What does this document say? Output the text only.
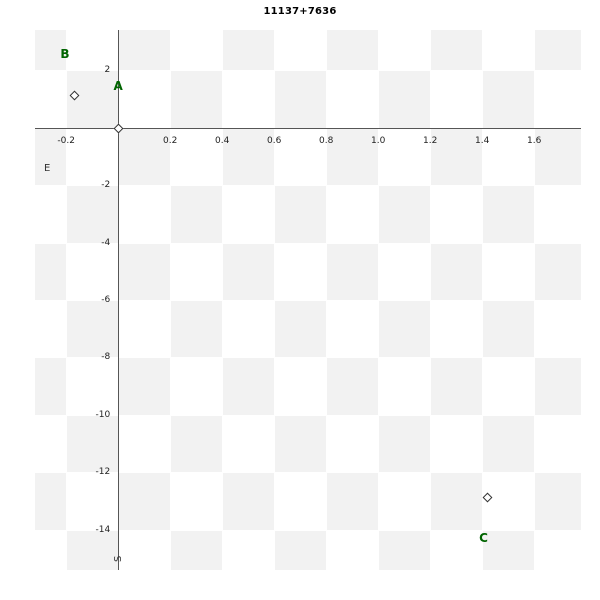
11137+7636
A
B
C
E
S
-0.2	0.2	0.4	0.6	0.8	1.0	1.2	1.4	1.6
2
-2
-4
-6
-8
-10
-12
-14
